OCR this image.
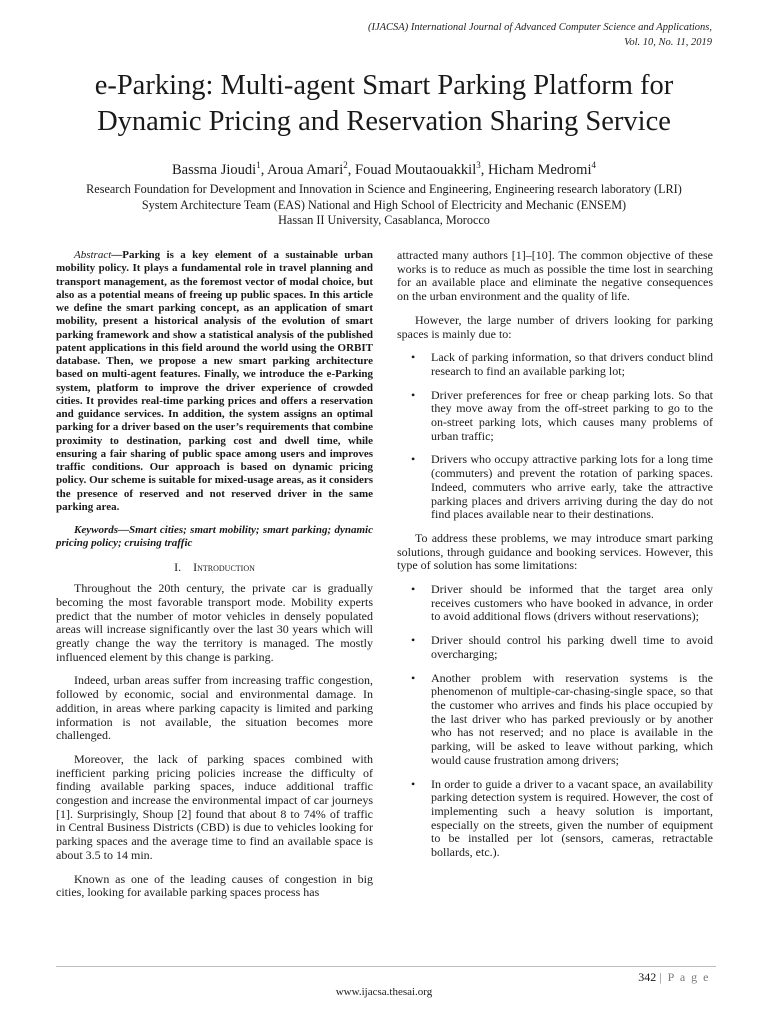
(IJACSA) International Journal of Advanced Computer Science and Applications,
Vol. 10, No. 11, 2019
e-Parking: Multi-agent Smart Parking Platform for
Dynamic Pricing and Reservation Sharing Service
Bassma Jioudi$^1$, Aroua Amari$^2$, Fouad Moutaouakkil$^3$, Hicham Medromi$^4$
Research Foundation for Development and Innovation in Science and Engineering, Engineering research laboratory (LRI)
System Architecture Team (EAS) National and High School of Electricity and Mechanic (ENSEM)
Hassan II University, Casablanca, Morocco

Abstract—Parking is a key element of a sustainable urban mobility policy. It plays a fundamental role in travel planning and transport management, as the foremost vector of modal choice, but also as a potential means of freeing up public spaces. In this article we define the smart parking concept, as an application of smart mobility, present a historical analysis of the evolution of smart parking framework and show a statistical analysis of the published patent applications in this field around the world using the ORBIT database. Then, we propose a new smart parking architecture based on multi-agent features. Finally, we introduce the e-Parking system, platform to improve the driver experience of crowded cities. It provides real-time parking prices and offers a reservation and guidance services. In addition, the system assigns an optimal parking for a driver based on the user’s requirements that combine proximity to destination, parking cost and dwell time, while ensuring a fair sharing of public space among users and improves traffic conditions. Our approach is based on dynamic pricing policy. Our scheme is suitable for mixed-usage areas, as it considers the presence of reserved and not reserved driver in the same parking area.

Keywords—Smart cities; smart mobility; smart parking; dynamic pricing policy; cruising traffic

I. Introduction

Throughout the 20th century, the private car is gradually becoming the most favorable transport mode. Mobility experts predict that the number of motor vehicles in densely populated areas will increase significantly over the last 30 years which will greatly change the way the territory is managed. The mostly influenced element by this change is parking.

Indeed, urban areas suffer from increasing traffic congestion, followed by economic, social and environmental damage. In addition, in areas where parking capacity is limited and parking information is not available, the situation becomes more challenged.

Moreover, the lack of parking spaces combined with inefficient parking pricing policies increase the difficulty of finding available parking spaces, induce additional traffic congestion and increase the environmental impact of car journeys [1]. Surprisingly, Shoup [2] found that about 8 to 74% of traffic in Central Business Districts (CBD) is due to vehicles looking for parking spaces and the average time to find an available space is about 3.5 to 14 min.

Known as one of the leading causes of congestion in big cities, looking for available parking spaces process has

attracted many authors [1]–[10]. The common objective of these works is to reduce as much as possible the time lost in searching for an available place and eliminate the negative consequences on the urban environment and the quality of life.

However, the large number of drivers looking for parking spaces is mainly due to:

• Lack of parking information, so that drivers conduct blind research to find an available parking lot;
• Driver preferences for free or cheap parking lots. So that they move away from the off-street parking to go to the on-street parking lots, which causes many problems of urban traffic;
• Drivers who occupy attractive parking lots for a long time (commuters) and prevent the rotation of parking spaces. Indeed, commuters who arrive early, take the attractive parking places and drivers arriving during the day do not find places available near to their destinations.

To address these problems, we may introduce smart parking solutions, through guidance and booking services. However, this type of solution has some limitations:

• Driver should be informed that the target area only receives customers who have booked in advance, in order to avoid additional flows (drivers without reservations);
• Driver should control his parking dwell time to avoid overcharging;
• Another problem with reservation systems is the phenomenon of multiple-car-chasing-single space, so that the customer who arrives and finds his place occupied by the last driver who has parked previously or by another who has not reserved; and no place is available in the parking, will be asked to leave without parking, which would cause frustration among drivers;
• In order to guide a driver to a vacant space, an availability parking detection system is required. However, the cost of implementing such a heavy solution is important, especially on the streets, given the number of equipment to be installed per lot (sensors, cameras, retractable bollards, etc.).
342 | P a g e
www.ijacsa.thesai.org
